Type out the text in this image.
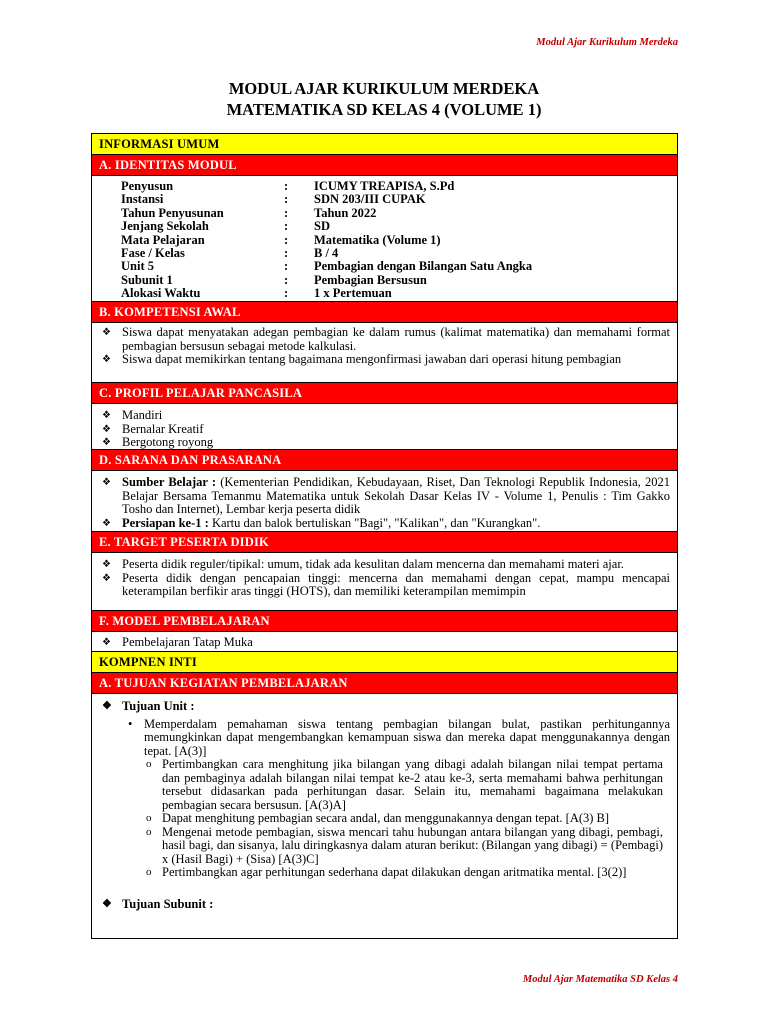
Modul Ajar Kurikulum Merdeka
MODUL AJAR KURIKULUM MERDEKA
MATEMATIKA SD KELAS 4 (VOLUME 1)
INFORMASI UMUM
A. IDENTITAS MODUL
Penyusun	:	ICUMY TREAPISA, S.Pd
Instansi	:	SDN 203/III CUPAK
Tahun Penyusunan	:	Tahun 2022
Jenjang Sekolah	:	SD
Mata Pelajaran	:	Matematika (Volume 1)
Fase / Kelas	:	B / 4
Unit 5	:	Pembagian dengan Bilangan Satu Angka
Subunit 1	:	Pembagian Bersusun
Alokasi Waktu	:	1 x Pertemuan
B. KOMPETENSI AWAL
❖ Siswa dapat menyatakan adegan pembagian ke dalam rumus (kalimat matematika) dan memahami format pembagian bersusun sebagai metode kalkulasi.
❖ Siswa dapat memikirkan tentang bagaimana mengonfirmasi jawaban dari operasi hitung pembagian
C. PROFIL PELAJAR PANCASILA
❖ Mandiri
❖ Bernalar Kreatif
❖ Bergotong royong
D. SARANA DAN PRASARANA
❖ Sumber Belajar : (Kementerian Pendidikan, Kebudayaan, Riset, Dan Teknologi Republik Indonesia, 2021 Belajar Bersama Temanmu Matematika untuk Sekolah Dasar Kelas IV - Volume 1, Penulis : Tim Gakko Tosho dan Internet), Lembar kerja peserta didik
❖ Persiapan ke-1 : Kartu dan balok bertuliskan "Bagi", "Kalikan", dan "Kurangkan".
E. TARGET PESERTA DIDIK
❖ Peserta didik reguler/tipikal: umum, tidak ada kesulitan dalam mencerna dan memahami materi ajar.
❖ Peserta didik dengan pencapaian tinggi: mencerna dan memahami dengan cepat, mampu mencapai keterampilan berfikir aras tinggi (HOTS), dan memiliki keterampilan memimpin
F. MODEL PEMBELAJARAN
❖ Pembelajaran Tatap Muka
KOMPNEN INTI
A. TUJUAN KEGIATAN PEMBELAJARAN
❖ Tujuan Unit :
• Memperdalam pemahaman siswa tentang pembagian bilangan bulat, pastikan perhitungannya memungkinkan dapat mengembangkan kemampuan siswa dan mereka dapat menggunakannya dengan tepat. [A(3)]
o Pertimbangkan cara menghitung jika bilangan yang dibagi adalah bilangan nilai tempat pertama dan pembaginya adalah bilangan nilai tempat ke-2 atau ke-3, serta memahami bahwa perhitungan tersebut didasarkan pada perhitungan dasar. Selain itu, memahami bagaimana melakukan pembagian secara bersusun. [A(3)A]
o Dapat menghitung pembagian secara andal, dan menggunakannya dengan tepat. [A(3) B]
o Mengenai metode pembagian, siswa mencari tahu hubungan antara bilangan yang dibagi, pembagi, hasil bagi, dan sisanya, lalu diringkasnya dalam aturan berikut: (Bilangan yang dibagi) = (Pembagi) x (Hasil Bagi) + (Sisa) [A(3)C]
o Pertimbangkan agar perhitungan sederhana dapat dilakukan dengan aritmatika mental. [3(2)]
❖ Tujuan Subunit :
Modul Ajar Matematika SD Kelas 4
